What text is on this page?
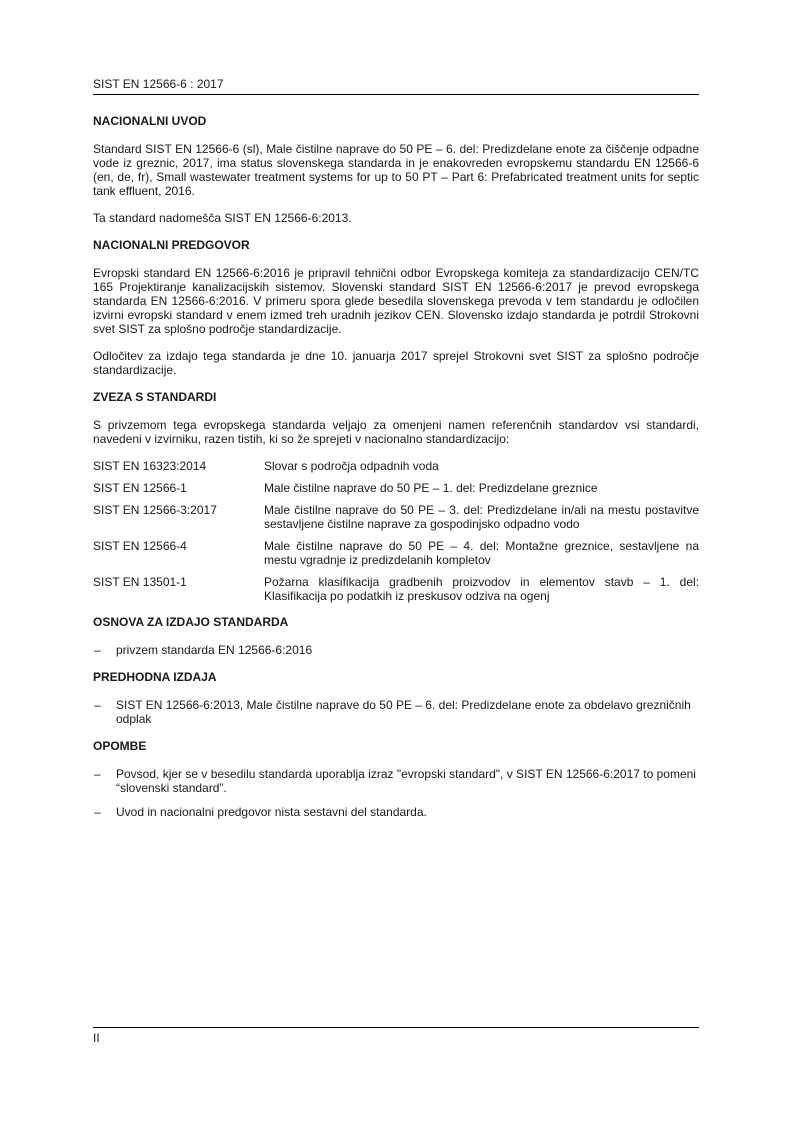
SIST EN 12566-6 : 2017
NACIONALNI UVOD
Standard SIST EN 12566-6 (sl), Male čistilne naprave do 50 PE – 6. del: Predizdelane enote za čiščenje odpadne vode iz greznic, 2017, ima status slovenskega standarda in je enakovreden evropskemu standardu EN 12566-6 (en, de, fr), Small wastewater treatment systems for up to 50 PT – Part 6: Prefabricated treatment units for septic tank effluent, 2016.
Ta standard nadomešča SIST EN 12566-6:2013.
NACIONALNI PREDGOVOR
Evropski standard EN 12566-6:2016 je pripravil tehnični odbor Evropskega komiteja za standardizacijo CEN/TC 165 Projektiranje kanalizacijskih sistemov. Slovenski standard SIST EN 12566-6:2017 je prevod evropskega standarda EN 12566-6:2016. V primeru spora glede besedila slovenskega prevoda v tem standardu je odločilen izvirni evropski standard v enem izmed treh uradnih jezikov CEN. Slovensko izdajo standarda je potrdil Strokovni svet SIST za splošno področje standardizacije.
Odločitev za izdajo tega standarda je dne 10. januarja 2017 sprejel Strokovni svet SIST za splošno področje standardizacije.
ZVEZA S STANDARDI
S privzemom tega evropskega standarda veljajo za omenjeni namen referenčnih standardov vsi standardi, navedeni v izvirniku, razen tistih, ki so že sprejeti v nacionalno standardizacijo:
SIST EN 16323:2014	Slovar s področja odpadnih voda
SIST EN 12566-1	Male čistilne naprave do 50 PE – 1. del: Predizdelane greznice
SIST EN 12566-3:2017	Male čistilne naprave do 50 PE – 3. del: Predizdelane in/ali na mestu postavitve sestavljene čistilne naprave za gospodinjsko odpadno vodo
SIST EN 12566-4	Male čistilne naprave do 50 PE – 4. del: Montažne greznice, sestavljene na mestu vgradnje iz predizdelanih kompletov
SIST EN 13501-1	Požarna klasifikacija gradbenih proizvodov in elementov stavb – 1. del: Klasifikacija po podatkih iz preskusov odziva na ogenj
OSNOVA ZA IZDAJO STANDARDA
–	privzem standarda EN 12566-6:2016
PREDHODNA IZDAJA
–	SIST EN 12566-6:2013, Male čistilne naprave do 50 PE – 6. del: Predizdelane enote za obdelavo grezničnih odplak
OPOMBE
–	Povsod, kjer se v besedilu standarda uporablja izraz "evropski standard", v SIST EN 12566-6:2017 to pomeni “slovenski standard”.
–	Uvod in nacionalni predgovor nista sestavni del standarda.
II
